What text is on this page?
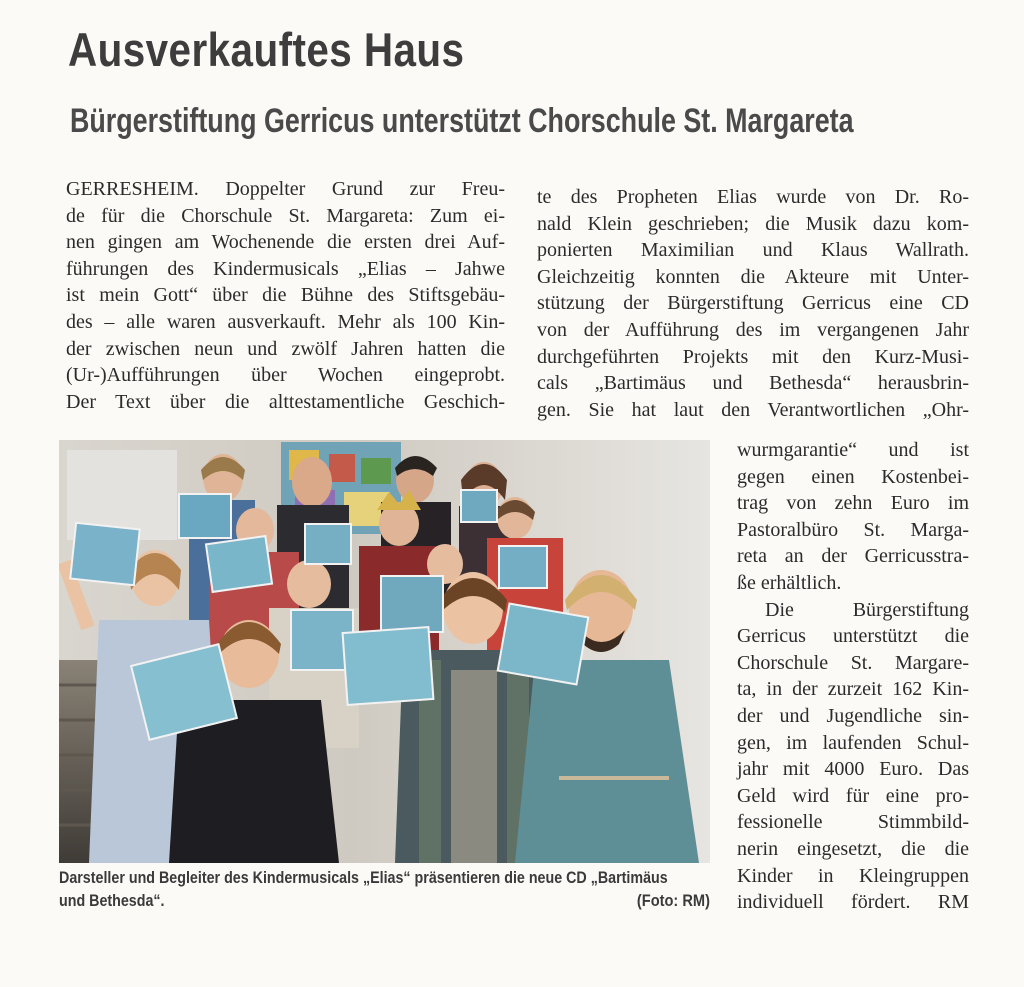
Ausverkauftes Haus
Bürgerstiftung Gerricus unterstützt Chorschule St. Margareta
GERRESHEIM. Doppelter Grund zur Freu-
de für die Chorschule St. Margareta: Zum ei-
nen gingen am Wochenende die ersten drei Auf-
führungen des Kindermusicals „Elias – Jahwe
ist mein Gott“ über die Bühne des Stiftsgebäu-
des – alle waren ausverkauft. Mehr als 100 Kin-
der zwischen neun und zwölf Jahren hatten die
(Ur-)Aufführungen über Wochen eingeprobt.
Der Text über die alttestamentliche Geschich-
te des Propheten Elias wurde von Dr. Ro-
nald Klein geschrieben; die Musik dazu kom-
ponierten Maximilian und Klaus Wallrath.
Gleichzeitig konnten die Akteure mit Unter-
stützung der Bürgerstiftung Gerricus eine CD
von der Aufführung des im vergangenen Jahr
durchgeführten Projekts mit den Kurz-Musi-
cals „Bartimäus und Bethesda“ herausbrin-
gen. Sie hat laut den Verantwortlichen „Ohr-
wurmgarantie“ und ist
gegen einen Kostenbei-
trag von zehn Euro im
Pastoralbüro St. Marga-
reta an der Gerricusstra-
ße erhältlich.
Die Bürgerstiftung
Gerricus unterstützt die
Chorschule St. Margare-
ta, in der zurzeit 162 Kin-
der und Jugendliche sin-
gen, im laufenden Schul-
jahr mit 4000 Euro. Das
Geld wird für eine pro-
fessionelle Stimmbild-
nerin eingesetzt, die die
Kinder in Kleingruppen
individuell fördert. RM
Darsteller und Begleiter des Kindermusicals „Elias“ präsentieren die neue CD „Bartimäus
und Bethesda“.	(Foto: RM)
